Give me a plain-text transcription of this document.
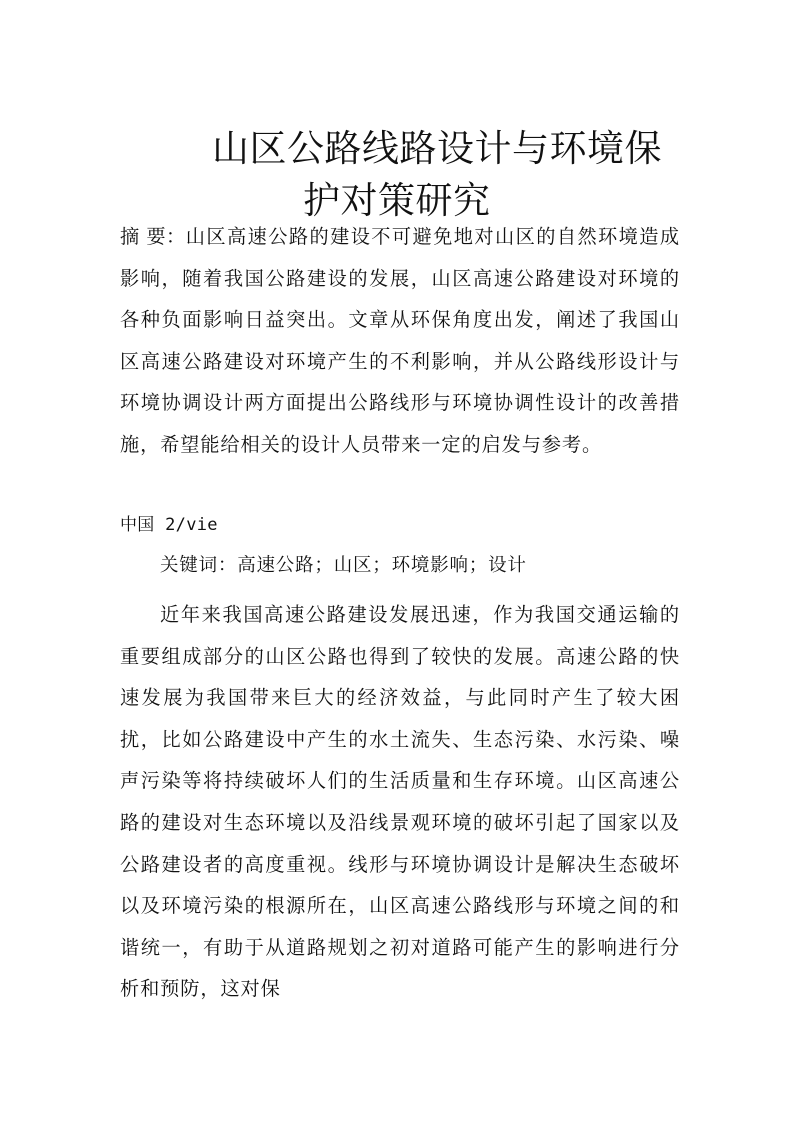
山区公路线路设计与环境保
护对策研究
摘 要：山区高速公路的建设不可避免地对山区的自然环境造成影响，随着我国公路建设的发展，山区高速公路建设对环境的各种负面影响日益突出。文章从环保角度出发，阐述了我国山区高速公路建设对环境产生的不利影响，并从公路线形设计与环境协调设计两方面提出公路线形与环境协调性设计的改善措施，希望能给相关的设计人员带来一定的启发与参考。
中国 2/vie
关键词：高速公路；山区；环境影响；设计
近年来我国高速公路建设发展迅速，作为我国交通运输的重要组成部分的山区公路也得到了较快的发展。高速公路的快速发展为我国带来巨大的经济效益，与此同时产生了较大困扰，比如公路建设中产生的水土流失、生态污染、水污染、噪声污染等将持续破坏人们的生活质量和生存环境。山区高速公路的建设对生态环境以及沿线景观环境的破坏引起了国家以及公路建设者的高度重视。线形与环境协调设计是解决生态破坏以及环境污染的根源所在，山区高速公路线形与环境之间的和谐统一，有助于从道路规划之初对道路可能产生的影响进行分析和预防，这对保
